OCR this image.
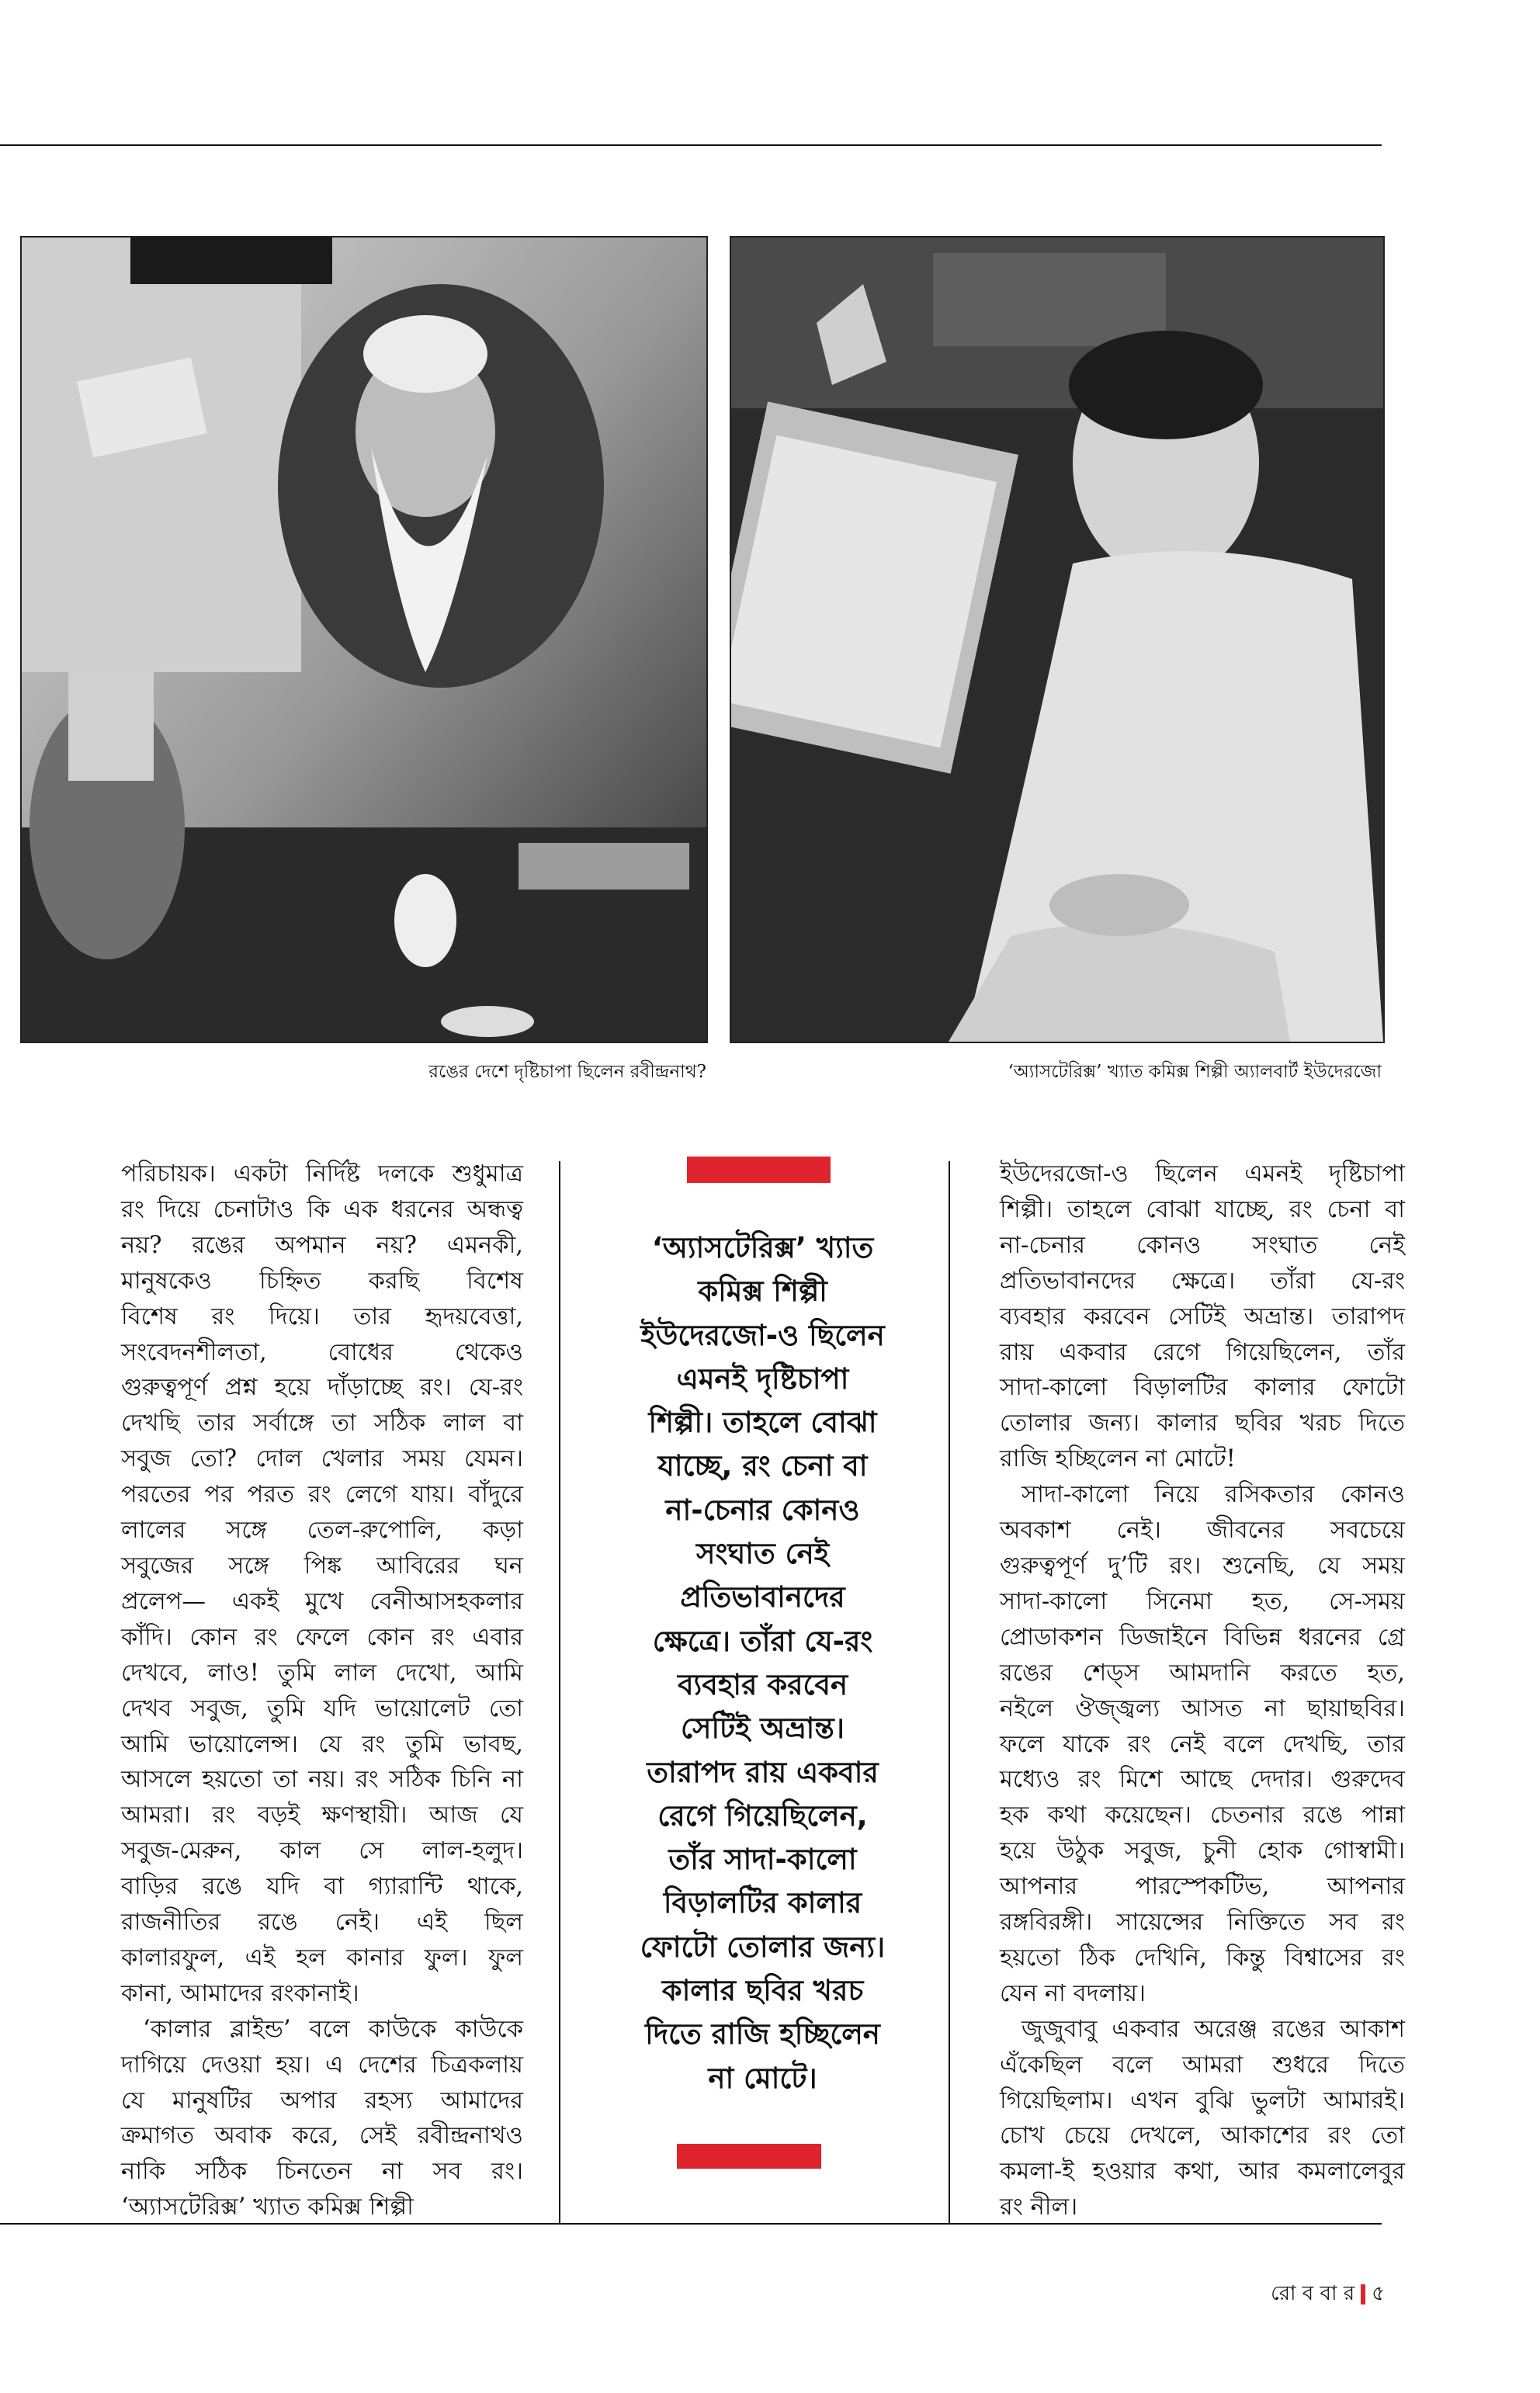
রঙের দেশে দৃষ্টিচাপা ছিলেন রবীন্দ্রনাথ?	‘অ্যাসটেরিক্স’ খ্যাত কমিক্স শিল্পী অ্যালবার্ট ইউদেরজো

পরিচায়ক। একটা নির্দিষ্ট দলকে শুধুমাত্র রং দিয়ে চেনাটাও কি এক ধরনের অন্ধত্ব নয়? রঙের অপমান নয়? এমনকী, মানুষকেও চিহ্নিত করছি বিশেষ বিশেষ রং দিয়ে। তার হৃদয়বেত্তা, সংবেদনশীলতা, বোধের থেকেও গুরুত্বপূর্ণ প্রশ্ন হয়ে দাঁড়াচ্ছে রং। যে-রং দেখছি তার সর্বাঙ্গে তা সঠিক লাল বা সবুজ তো? দোল খেলার সময় যেমন। পরতের পর পরত রং লেগে যায়। বাঁদুরে লালের সঙ্গে তেল-রুপোলি, কড়া সবুজের সঙ্গে পিঙ্ক আবিরের ঘন প্রলেপ— একই মুখে বেনীআসহকলার কাঁদি। কোন রং ফেলে কোন রং এবার দেখবে, লাও! তুমি লাল দেখো, আমি দেখব সবুজ, তুমি যদি ভায়োলেট তো আমি ভায়োলেন্স। যে রং তুমি ভাবছ, আসলে হয়তো তা নয়। রং সঠিক চিনি না আমরা। রং বড়ই ক্ষণস্থায়ী। আজ যে সবুজ-মেরুন, কাল সে লাল-হলুদ। বাড়ির রঙে যদি বা গ্যারান্টি থাকে, রাজনীতির রঙে নেই। এই ছিল কালারফুল, এই হল কানার ফুল। ফুল কানা, আমাদের রংকানাই।

‘কালার ব্লাইন্ড’ বলে কাউকে কাউকে দাগিয়ে দেওয়া হয়। এ দেশের চিত্রকলায় যে মানুষটির অপার রহস্য আমাদের ক্রমাগত অবাক করে, সেই রবীন্দ্রনাথও নাকি সঠিক চিনতেন না সব রং। ‘অ্যাসটেরিক্স’ খ্যাত কমিক্স শিল্পী

‘অ্যাসটেরিক্স’ খ্যাত
কমিক্স শিল্পী
ইউদেরজো-ও ছিলেন
এমনই দৃষ্টিচাপা
শিল্পী। তাহলে বোঝা
যাচ্ছে, রং চেনা বা
না-চেনার কোনও
সংঘাত নেই
প্রতিভাবানদের
ক্ষেত্রে। তাঁরা যে-রং
ব্যবহার করবেন
সেটিই অভ্রান্ত।
তারাপদ রায় একবার
রেগে গিয়েছিলেন,
তাঁর সাদা-কালো
বিড়ালটির কালার
ফোটো তোলার জন্য।
কালার ছবির খরচ
দিতে রাজি হচ্ছিলেন
না মোটে।

ইউদেরজো-ও ছিলেন এমনই দৃষ্টিচাপা শিল্পী। তাহলে বোঝা যাচ্ছে, রং চেনা বা না-চেনার কোনও সংঘাত নেই প্রতিভাবানদের ক্ষেত্রে। তাঁরা যে-রং ব্যবহার করবেন সেটিই অভ্রান্ত। তারাপদ রায় একবার রেগে গিয়েছিলেন, তাঁর সাদা-কালো বিড়ালটির কালার ফোটো তোলার জন্য। কালার ছবির খরচ দিতে রাজি হচ্ছিলেন না মোটে!

সাদা-কালো নিয়ে রসিকতার কোনও অবকাশ নেই। জীবনের সবচেয়ে গুরুত্বপূর্ণ দু’টি রং। শুনেছি, যে সময় সাদা-কালো সিনেমা হত, সে-সময় প্রোডাকশন ডিজাইনে বিভিন্ন ধরনের গ্রে রঙের শেড্‌স আমদানি করতে হত, নইলে ঔজ্জ্বল্য আসত না ছায়াছবির। ফলে যাকে রং নেই বলে দেখছি, তার মধ্যেও রং মিশে আছে দেদার। গুরুদেব হক কথা কয়েছেন। চেতনার রঙে পান্না হয়ে উঠুক সবুজ, চুনী হোক গোস্বামী। আপনার পারস্পেকটিভ, আপনার রঙ্গবিরঙ্গী। সায়েন্সের নিক্তিতে সব রং হয়তো ঠিক দেখিনি, কিন্তু বিশ্বাসের রং যেন না বদলায়।

জুজুবাবু একবার অরেঞ্জ রঙের আকাশ এঁকেছিল বলে আমরা শুধরে দিতে গিয়েছিলাম। এখন বুঝি ভুলটা আমারই। চোখ চেয়ে দেখলে, আকাশের রং তো কমলা-ই হওয়ার কথা, আর কমলালেবুর রং নীল।

রো ব বা র ৫
